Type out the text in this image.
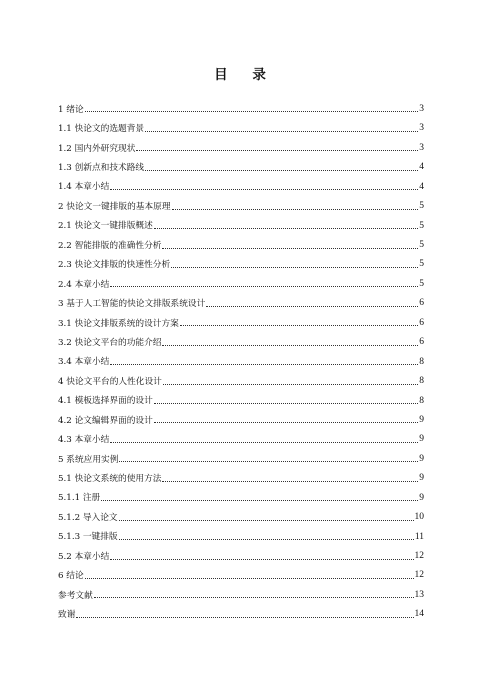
目 录
1 绪论	3
1.1 快论文的选题背景	3
1.2 国内外研究现状	3
1.3 创新点和技术路线	4
1.4 本章小结	4
2 快论文一键排版的基本原理	5
2.1 快论文一键排版概述	5
2.2 智能排版的准确性分析	5
2.3 快论文排版的快速性分析	5
2.4 本章小结	5
3 基于人工智能的快论文排版系统设计	6
3.1 快论文排版系统的设计方案	6
3.2 快论文平台的功能介绍	6
3.4 本章小结	8
4 快论文平台的人性化设计	8
4.1 模板选择界面的设计	8
4.2 论文编辑界面的设计	9
4.3 本章小结	9
5 系统应用实例	9
5.1 快论文系统的使用方法	9
5.1.1 注册	9
5.1.2 导入论文	10
5.1.3 一键排版	11
5.2 本章小结	12
6 结论	12
参考文献	13
致谢	14
